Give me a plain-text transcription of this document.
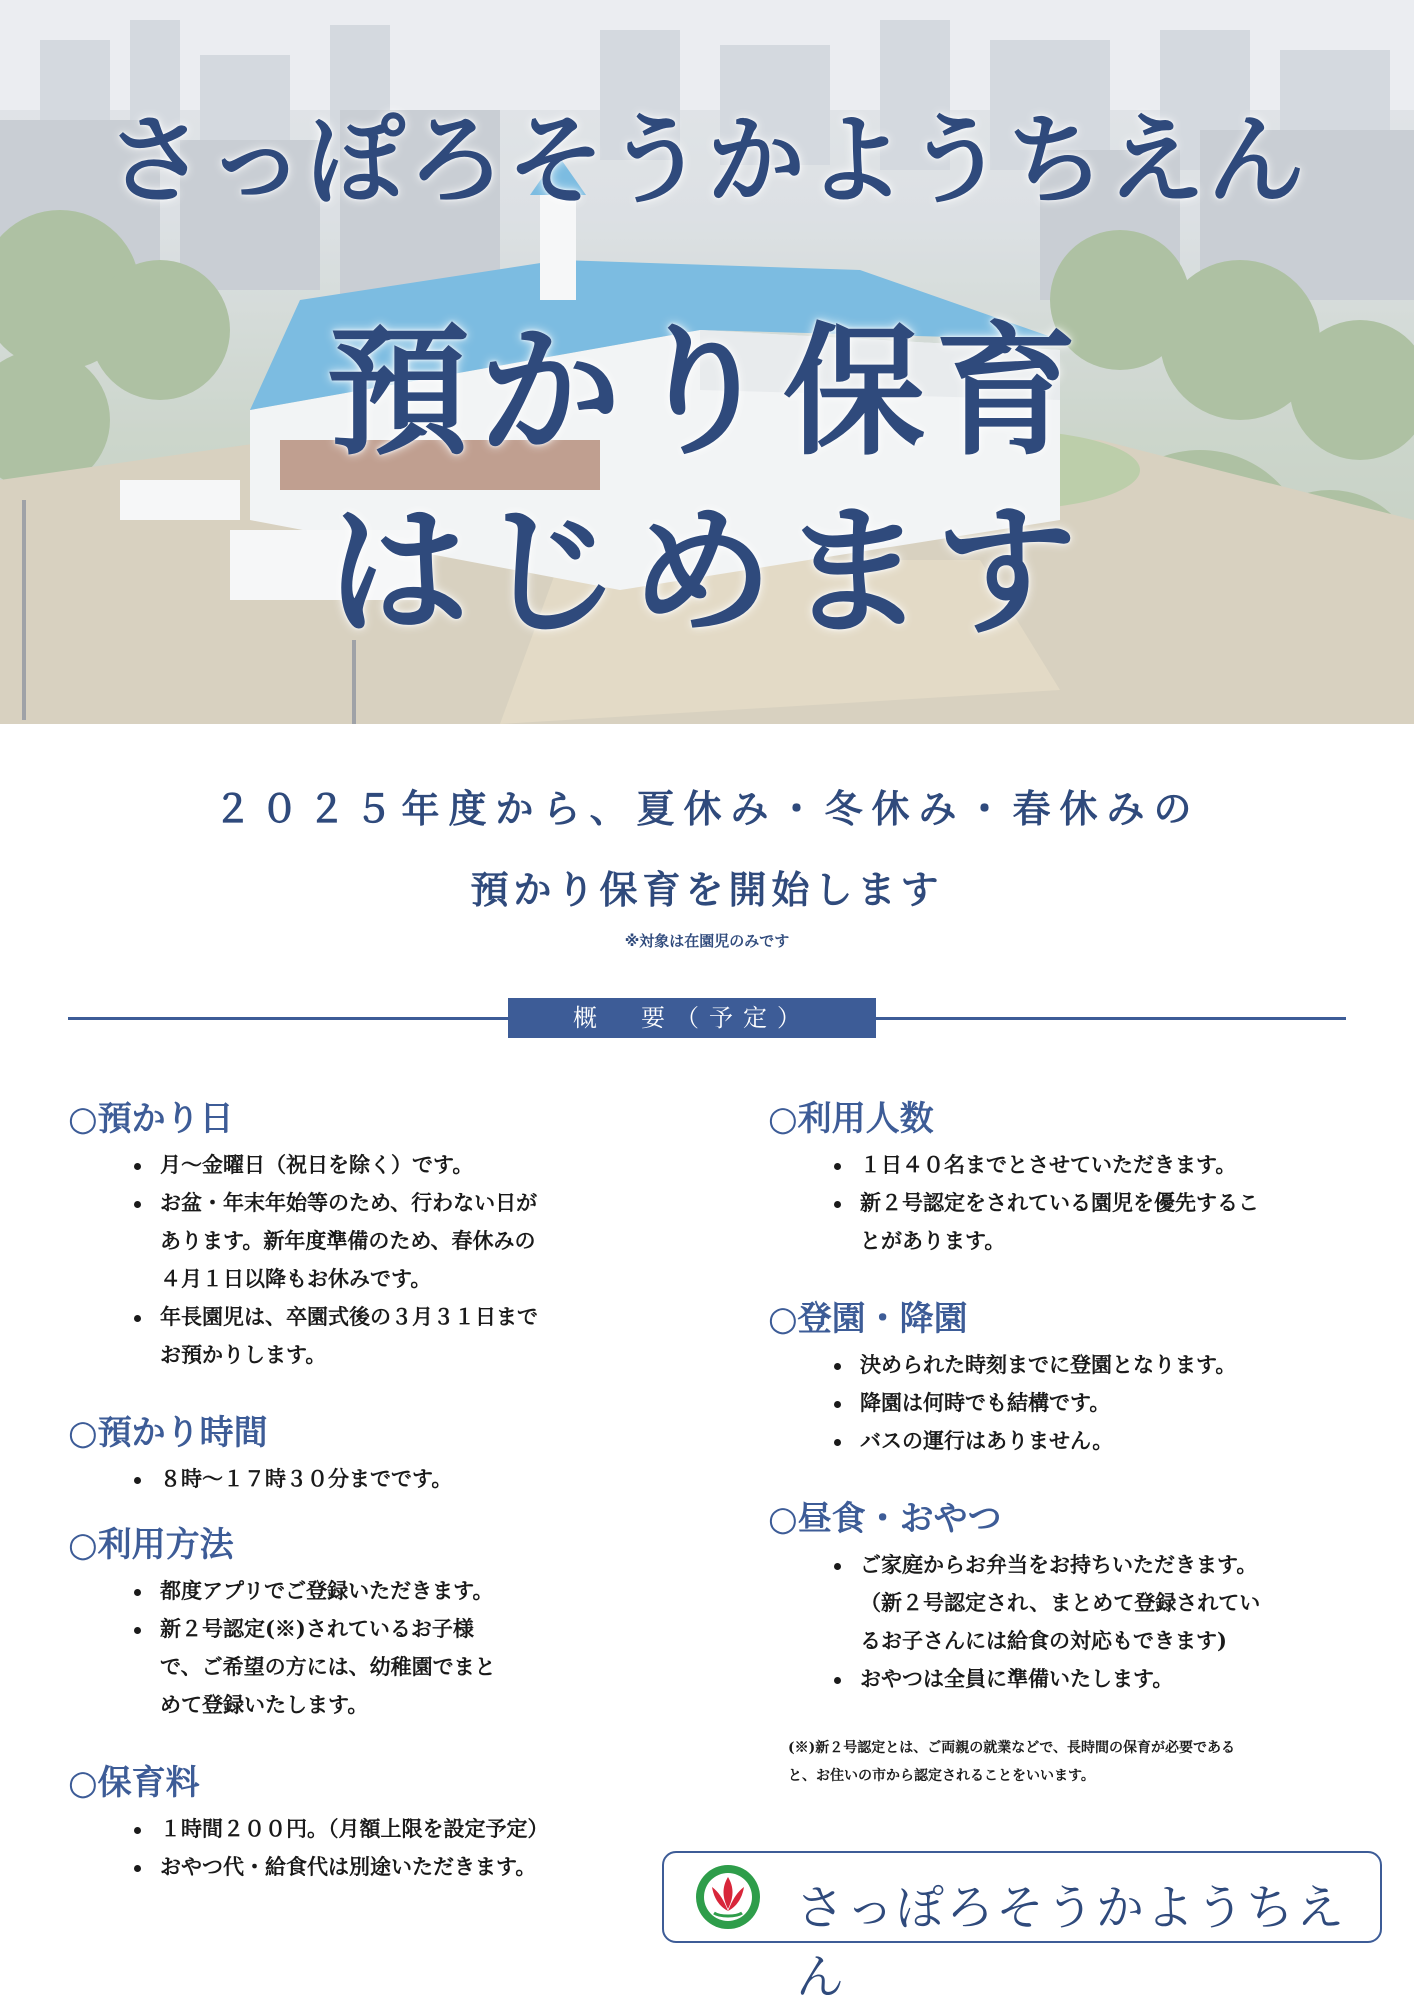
さっぽろそうかようちえん
預かり保育
はじめます

２０２５年度から、夏休み・冬休み・春休みの

預かり保育を開始します

※対象は在園児のみです

概　要（予定）
○預かり日
月～金曜日（祝日を除く）です。
お盆・年末年始等のため、行わない日が
あります。新年度準備のため、春休みの
４月１日以降もお休みです。
年長園児は、卒園式後の３月３１日まで
お預かりします。
○預かり時間
８時～１７時３０分までです。
○利用方法
都度アプリでご登録いただきます。
新２号認定(※)されているお子様
で、ご希望の方には、幼稚園でまと
めて登録いたします。
○保育料
１時間２００円。（月額上限を設定予定）
おやつ代・給食代は別途いただきます。
○利用人数
１日４０名までとさせていただきます。
新２号認定をされている園児を優先するこ
とがあります。
○登園・降園
決められた時刻までに登園となります。
降園は何時でも結構です。
バスの運行はありません。
○昼食・おやつ
ご家庭からお弁当をお持ちいただきます。
（新２号認定され、まとめて登録されてい
るお子さんには給食の対応もできます)
おやつは全員に準備いたします。
(※)新２号認定とは、ご両親の就業などで、長時間の保育が必要である
と、お住いの市から認定されることをいいます。
さっぽろそうかようちえん
